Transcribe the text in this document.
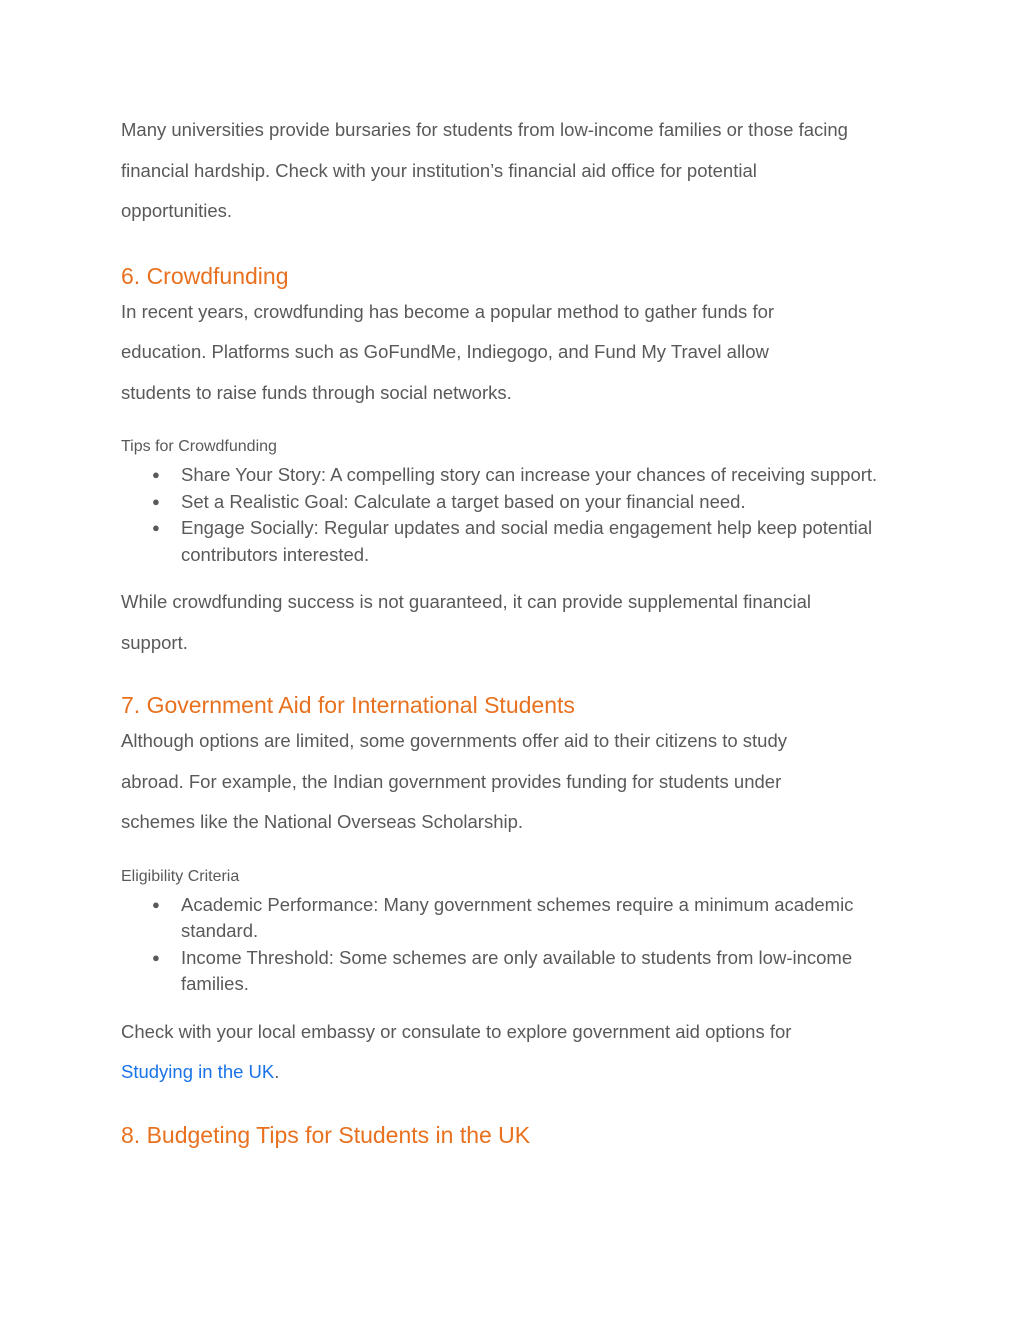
Many universities provide bursaries for students from low-income families or those facing financial hardship. Check with your institution’s financial aid office for potential opportunities.

6. Crowdfunding

In recent years, crowdfunding has become a popular method to gather funds for education. Platforms such as GoFundMe, Indiegogo, and Fund My Travel allow students to raise funds through social networks.

Tips for Crowdfunding

● Share Your Story: A compelling story can increase your chances of receiving support.
● Set a Realistic Goal: Calculate a target based on your financial need.
● Engage Socially: Regular updates and social media engagement help keep potential contributors interested.

While crowdfunding success is not guaranteed, it can provide supplemental financial support.

7. Government Aid for International Students

Although options are limited, some governments offer aid to their citizens to study abroad. For example, the Indian government provides funding for students under schemes like the National Overseas Scholarship.

Eligibility Criteria

● Academic Performance: Many government schemes require a minimum academic standard.
● Income Threshold: Some schemes are only available to students from low-income families.

Check with your local embassy or consulate to explore government aid options for
Studying in the UK.

8. Budgeting Tips for Students in the UK
